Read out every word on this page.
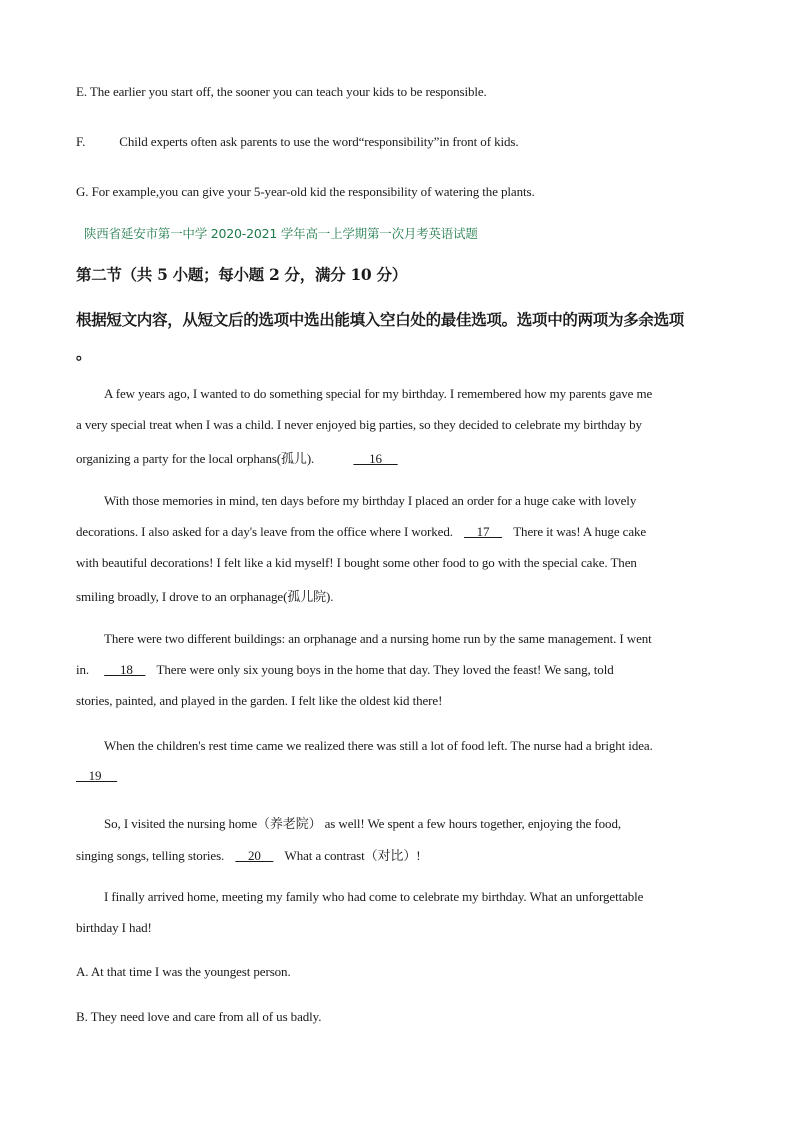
E. The earlier you start off, the sooner you can teach your kids to be responsible.
F.	Child experts often ask parents to use the word“responsibility”in front of kids.
G. For example,you can give your 5-year-old kid the responsibility of watering the plants.
陕西省延安市第一中学 2020-2021 学年高一上学期第一次月考英语试题
第二节（共 5 小题；每小题 2 分，满分 10 分）
根据短文内容，从短文后的选项中选出能填入空白处的最佳选项。选项中的两项为多余选项
。
A few years ago, I wanted to do something special for my birthday. I remembered how my parents gave me
a very special treat when I was a child. I never enjoyed big parties, so they decided to celebrate my birthday by
organizing a party for the local orphans(孤儿).	16
With those memories in mind, ten days before my birthday I placed an order for a huge cake with lovely
decorations. I also asked for a day's leave from the office where I worked.     17     There it was! A huge cake
with beautiful decorations! I felt like a kid myself! I bought some other food to go with the special cake. Then
smiling broadly, I drove to an orphanage(孤儿院).
There were two different buildings: an orphanage and a nursing home run by the same management. I went
in.      18     There were only six young boys in the home that day. They loved the feast! We sang, told
stories, painted, and played in the garden. I felt like the oldest kid there!
When the children's rest time came we realized there was still a lot of food left. The nurse had a bright idea.
19
So, I visited the nursing home（养老院） as well! We spent a few hours together, enjoying the food,
singing songs, telling stories.     20     What a contrast（对比）!
I finally arrived home, meeting my family who had come to celebrate my birthday. What an unforgettable
birthday I had!
A. At that time I was the youngest person.
B. They need love and care from all of us badly.
